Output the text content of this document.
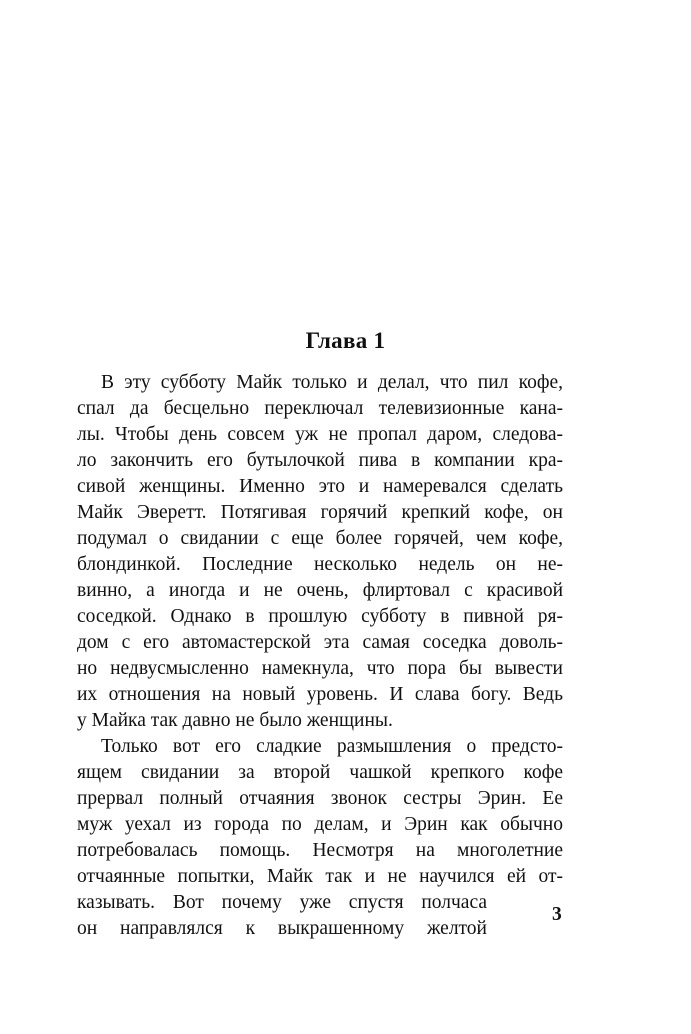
Глава 1
В эту субботу Майк только и делал, что пил кофе,
спал да бесцельно переключал телевизионные кана-
лы. Чтобы день совсем уж не пропал даром, следова-
ло закончить его бутылочкой пива в компании кра-
сивой женщины. Именно это и намеревался сделать
Майк Эверетт. Потягивая горячий крепкий кофе, он
подумал о свидании с еще более горячей, чем кофе,
блондинкой. Последние несколько недель он не-
винно, а иногда и не очень, флиртовал с красивой
соседкой. Однако в прошлую субботу в пивной ря-
дом с его автомастерской эта самая соседка доволь-
но недвусмысленно намекнула, что пора бы вывести
их отношения на новый уровень. И слава богу. Ведь
у Майка так давно не было женщины.
Только вот его сладкие размышления о предсто-
ящем свидании за второй чашкой крепкого кофе
прервал полный отчаяния звонок сестры Эрин. Ее
муж уехал из города по делам, и Эрин как обычно
потребовалась помощь. Несмотря на многолетние
отчаянные попытки, Майк так и не научился ей от-
казывать. Вот почему уже спустя полчаса
он направлялся к выкрашенному желтой
3
